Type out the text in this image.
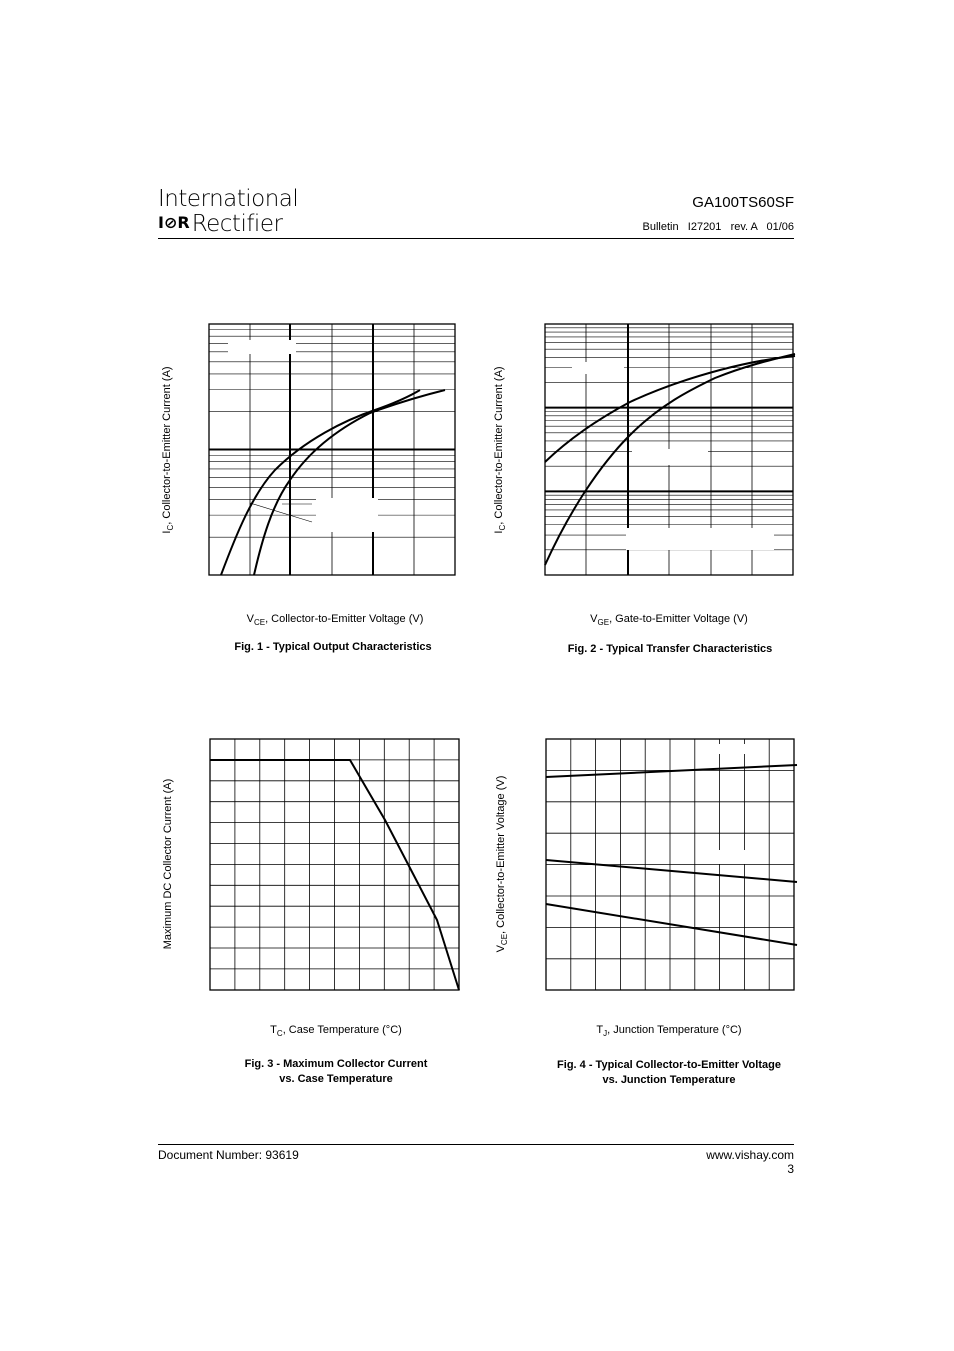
International
I⊘RRectifier
GA100TS60SF
Bulletin   I27201   rev. A   01/06
$I_C$, Collector-to-Emitter Current (A)
$V_{CE}$, Collector-to-Emitter Voltage (V)
Fig. 1 - Typical Output Characteristics
$I_C$, Collector-to-Emitter Current (A)
$V_{GE}$, Gate-to-Emitter Voltage (V)
Fig. 2 - Typical Transfer Characteristics
Maximum DC Collector Current (A)
$T_C$, Case Temperature (°C)
Fig. 3 - Maximum Collector Current
vs. Case Temperature
$V_{CE}$, Collector-to-Emitter Voltage (V)
$T_J$, Junction Temperature (°C)
Fig. 4 - Typical Collector-to-Emitter Voltage
vs. Junction Temperature
Document Number: 93619	www.vishay.com
3
